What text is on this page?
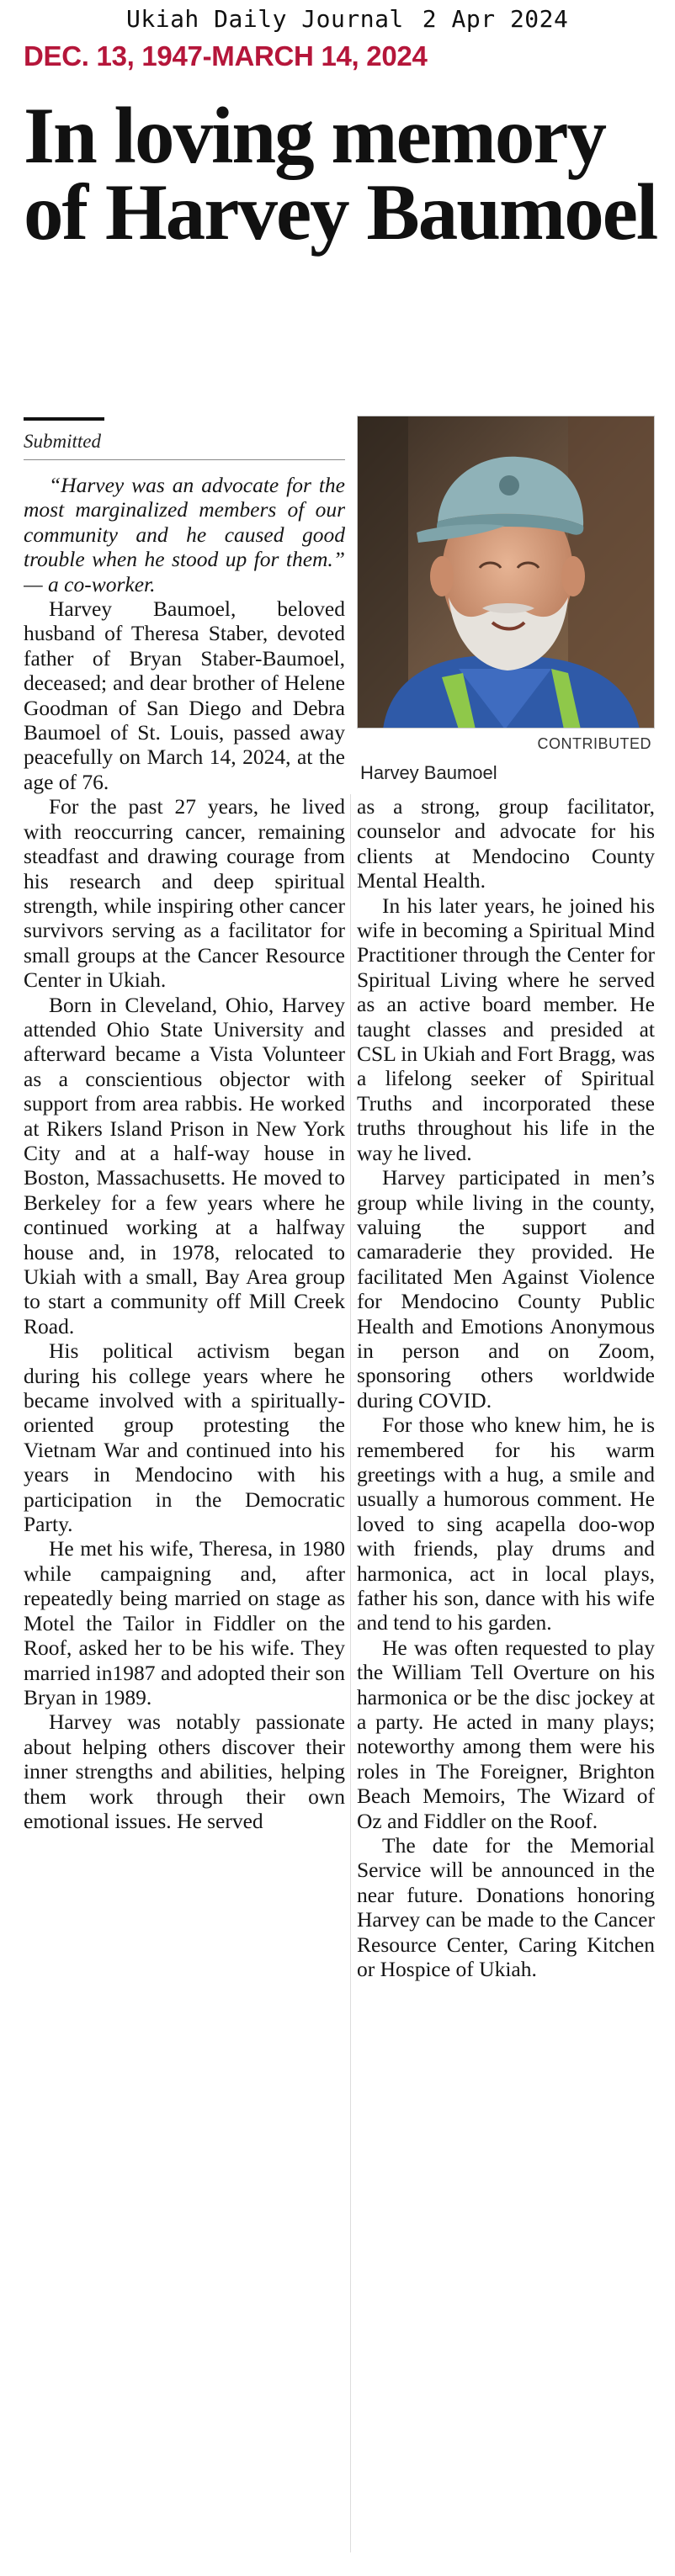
Ukiah Daily Journal 2 Apr 2024
DEC. 13, 1947-MARCH 14, 2024
In loving memory of Harvey Baumoel
Submitted
CONTRIBUTED
Harvey Baumoel

“Harvey was an advocate for the most marginalized members of our community and he caused good trouble when he stood up for them.” — a co-worker.

Harvey Baumoel, beloved husband of Theresa Staber, devoted father of Bryan Staber-Baumoel, deceased; and dear brother of Helene Goodman of San Diego and Debra Baumoel of St. Louis, passed away peacefully on March 14, 2024, at the age of 76.

For the past 27 years, he lived with reoccurring cancer, remaining steadfast and drawing courage from his research and deep spiritual strength, while inspiring other cancer survivors serving as a facilitator for small groups at the Cancer Resource Center in Ukiah.

Born in Cleveland, Ohio, Harvey attended Ohio State University and afterward became a Vista Volunteer as a conscientious objector with support from area rabbis. He worked at Rikers Island Prison in New York City and at a half-way house in Boston, Massachusetts. He moved to Berkeley for a few years where he continued working at a halfway house and, in 1978, relocated to Ukiah with a small, Bay Area group to start a community off Mill Creek Road.

His political activism began during his college years where he became involved with a spiritually-oriented group protesting the Vietnam War and continued into his years in Mendocino with his participation in the Democratic Party.

He met his wife, Theresa, in 1980 while campaigning and, after repeatedly being married on stage as Motel the Tailor in Fiddler on the Roof, asked her to be his wife. They married in1987 and adopted their son Bryan in 1989.

Harvey was notably passionate about helping others discover their inner strengths and abilities, helping them work through their own emotional issues. He served

as a strong, group facilitator, counselor and advocate for his clients at Mendocino County Mental Health.

In his later years, he joined his wife in becoming a Spiritual Mind Practitioner through the Center for Spiritual Living where he served as an active board member. He taught classes and presided at CSL in Ukiah and Fort Bragg, was a lifelong seeker of Spiritual Truths and incorporated these truths throughout his life in the way he lived.

Harvey participated in men’s group while living in the county, valuing the support and camaraderie they provided. He facilitated Men Against Violence for Mendocino County Public Health and Emotions Anonymous in person and on Zoom, sponsoring others worldwide during COVID.

For those who knew him, he is remembered for his warm greetings with a hug, a smile and usually a humorous comment. He loved to sing acapella doo-wop with friends, play drums and harmonica, act in local plays, father his son, dance with his wife and tend to his garden.

He was often requested to play the William Tell Overture on his harmonica or be the disc jockey at a party. He acted in many plays; noteworthy among them were his roles in The Foreigner, Brighton Beach Memoirs, The Wizard of Oz and Fiddler on the Roof.

The date for the Memorial Service will be announced in the near future. Donations honoring Harvey can be made to the Cancer Resource Center, Caring Kitchen or Hospice of Ukiah.
